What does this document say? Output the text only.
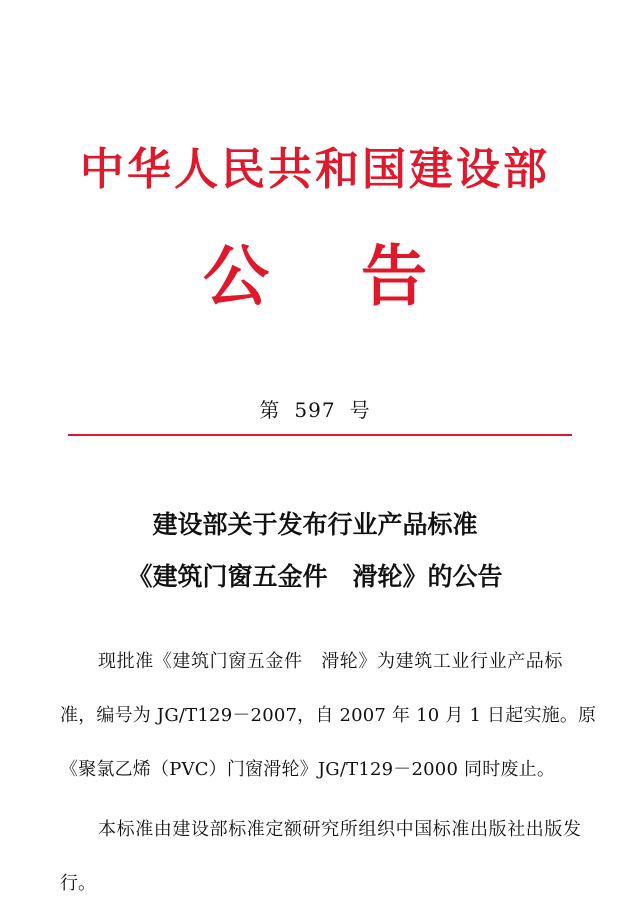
中华人民共和国建设部
公 告
第 597 号
建设部关于发布行业产品标准
《建筑门窗五金件　滑轮》的公告
现批准《建筑门窗五金件　滑轮》为建筑工业行业产品标
准，编号为 JG/T129－2007，自 2007 年 10 月 1 日起实施。原
《聚氯乙烯（PVC）门窗滑轮》JG/T129－2000 同时废止。
本标准由建设部标准定额研究所组织中国标准出版社出版发
行。
